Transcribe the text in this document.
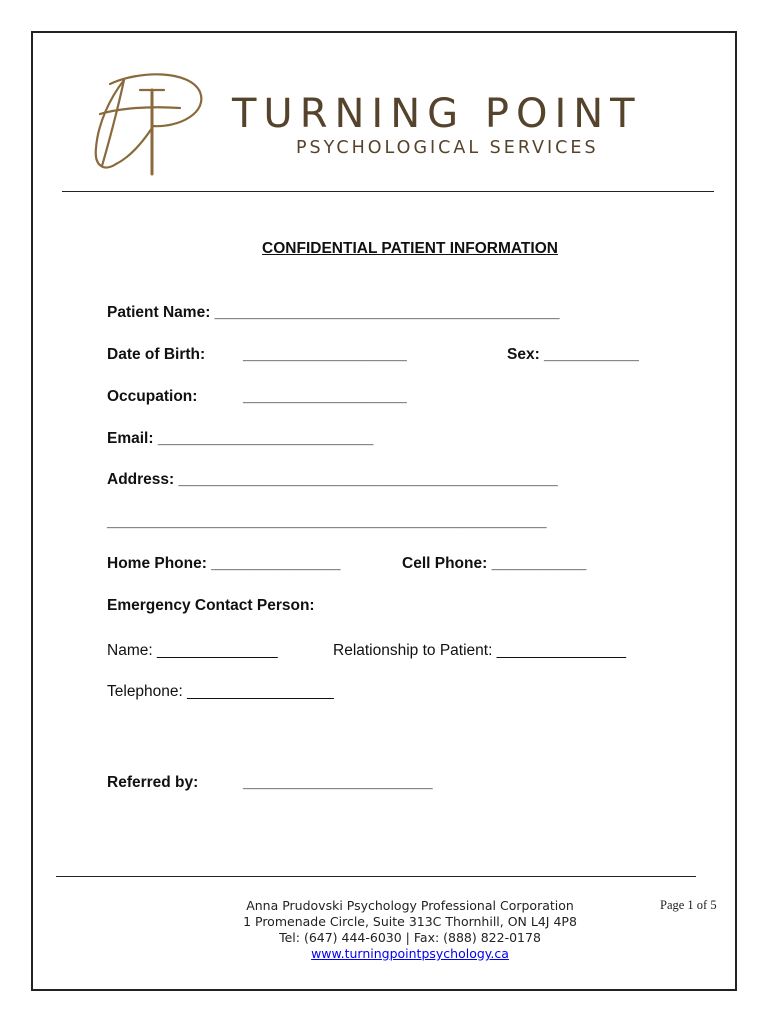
TURNING POINT
PSYCHOLOGICAL SERVICES
CONFIDENTIAL PATIENT INFORMATION
Patient Name: ________________________________________
Date of Birth: ___________________	Sex: ___________
Occupation:	___________________
Email: _________________________
Address: ____________________________________________
___________________________________________________
Home Phone: _______________	Cell Phone: ___________
Emergency Contact Person:
Name: ______________	Relationship to Patient: _______________
Telephone: _________________
Referred by:	______________________
Anna Prudovski Psychology Professional Corporation
1 Promenade Circle, Suite 313C Thornhill, ON L4J 4P8
Tel: (647) 444-6030 | Fax: (888) 822-0178
www.turningpointpsychology.ca
Page 1 of 5
